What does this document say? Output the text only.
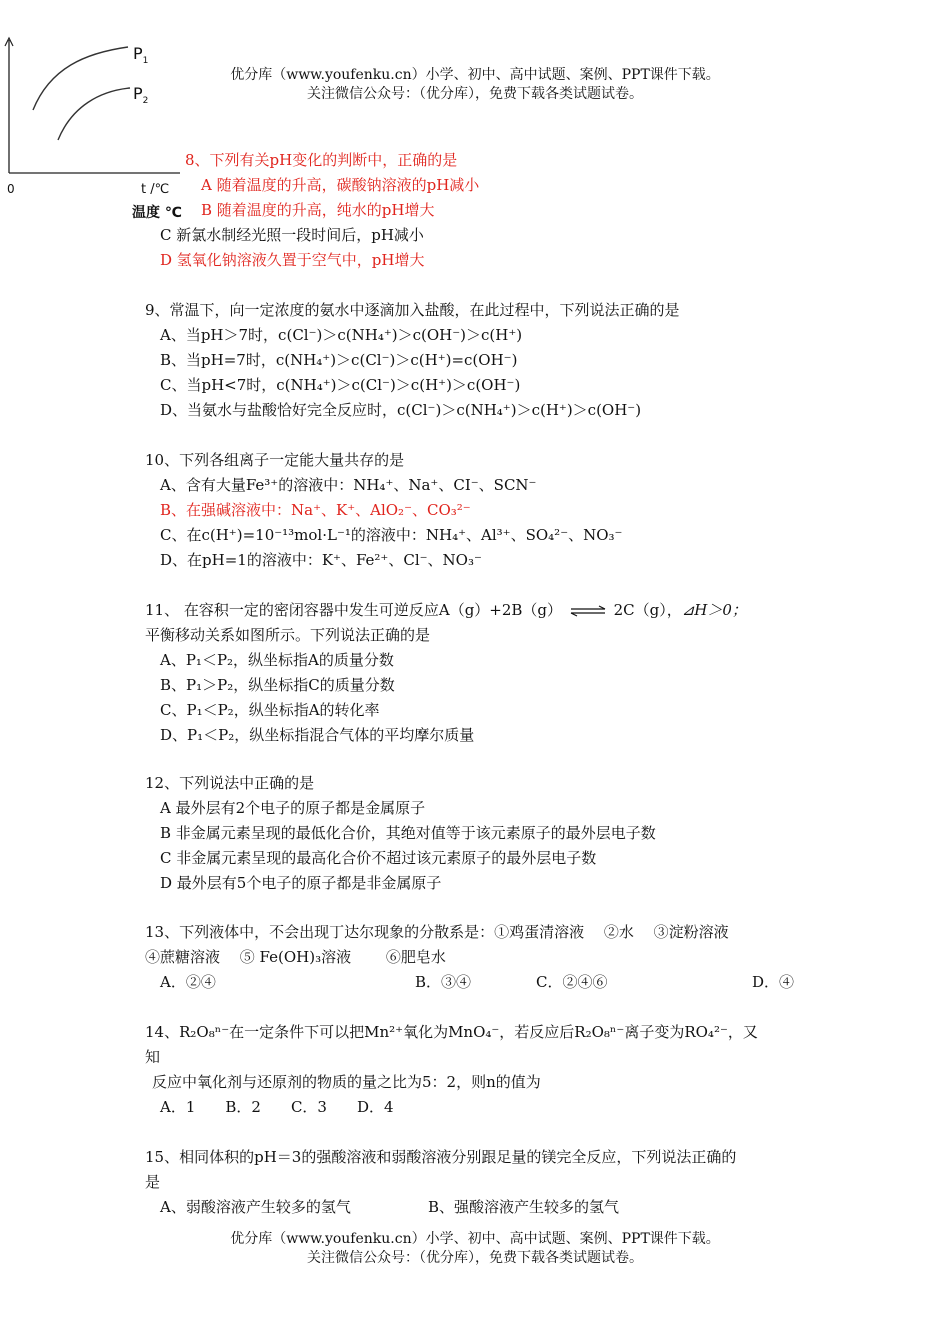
优分库（www.youfenku.cn）小学、初中、高中试题、案例、PPT课件下载。
关注微信公众号：（优分库），免费下载各类试题试卷。
$P_1$
$P_2$
0	t /℃
温度 ℃
8、下列有关pH变化的判断中，正确的是
A 随着温度的升高，碳酸钠溶液的pH减小
B 随着温度的升高，纯水的pH增大
C 新氯水制经光照一段时间后，pH减小
D 氢氧化钠溶液久置于空气中，pH增大
9、常温下，向一定浓度的氨水中逐滴加入盐酸，在此过程中，下列说法正确的是
A、当pH＞7时，c(Cl⁻)＞c(NH₄⁺)＞c(OH⁻)＞c(H⁺)
B、当pH=7时，c(NH₄⁺)＞c(Cl⁻)＞c(H⁺)=c(OH⁻)
C、当pH<7时，c(NH₄⁺)＞c(Cl⁻)＞c(H⁺)＞c(OH⁻)
D、当氨水与盐酸恰好完全反应时，c(Cl⁻)＞c(NH₄⁺)＞c(H⁺)＞c(OH⁻)
10、下列各组离子一定能大量共存的是
A、含有大量Fe³⁺的溶液中：NH₄⁺、Na⁺、CI⁻、SCN⁻
B、在强碱溶液中：Na⁺、K⁺、AlO₂⁻、CO₃²⁻
C、在c(H⁺)=10⁻¹³mol·L⁻¹的溶液中：NH₄⁺、Al³⁺、SO₄²⁻、NO₃⁻
D、在pH=1的溶液中：K⁺、Fe²⁺、Cl⁻、NO₃⁻
11、 在容积一定的密闭容器中发生可逆反应A（g）+2B（g） ⇌ 2C（g），⊿H＞0；
平衡移动关系如图所示。下列说法正确的是
A、P₁＜P₂，纵坐标指A的质量分数
B、P₁＞P₂，纵坐标指C的质量分数
C、P₁＜P₂，纵坐标指A的转化率
D、P₁＜P₂，纵坐标指混合气体的平均摩尔质量
12、下列说法中正确的是
A 最外层有2个电子的原子都是金属原子
B 非金属元素呈现的最低化合价，其绝对值等于该元素原子的最外层电子数
C 非金属元素呈现的最高化合价不超过该元素原子的最外层电子数
D 最外层有5个电子的原子都是非金属原子
13、下列液体中，不会出现丁达尔现象的分散系是：①鸡蛋清溶液　 ②水　 ③淀粉溶液
④蔗糖溶液　 ⑤ Fe(OH)₃溶液　　 ⑥肥皂水
A．②④	B．③④	C．②④⑥	D．④
14、R₂O₈ⁿ⁻在一定条件下可以把Mn²⁺氧化为MnO₄⁻，若反应后R₂O₈ⁿ⁻离子变为RO₄²⁻，又
知
反应中氧化剂与还原剂的物质的量之比为5：2，则n的值为
A．1　　B．2　　C．3　　D．4
15、相同体积的pH＝3的强酸溶液和弱酸溶液分别跟足量的镁完全反应，下列说法正确的
是
A、弱酸溶液产生较多的氢气	B、强酸溶液产生较多的氢气
优分库（www.youfenku.cn）小学、初中、高中试题、案例、PPT课件下载。
关注微信公众号：（优分库），免费下载各类试题试卷。
